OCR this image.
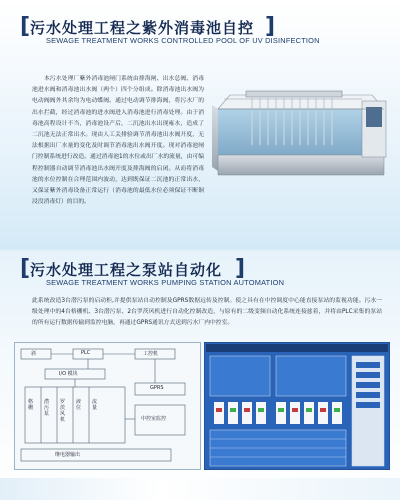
[ 污水处理工程之紫外消毒池自控 ]
SEWAGE TREATMENT WORKS CONTROLLED POOL OF UV DISINFECTION
本污水处理厂紫外消毒池闸门系统由排海闸、出水总阀、消毒池进水阀和消毒池出水阀（两个）四个分组成。除消毒池出水阀为电动阀阀外其余均为电动蝶阀。通过电动调节排海阀，将污水厂的出水拦截，经过消毒池的进水阀进入消毒池进行消毒处理。由于消毒池高程设计不当，消毒池设产后，二沉池出水出现雍水，造成了二沉池无法正常出水。现由人工关排验调节消毒池出水阀开度，无法根据出厂水量的变化及时调节消毒池出水阀开度。现对消毒池闸门控制系统进行改造。通过消毒池1的水位或出厂水的流量，由可编程控制器自动调节消毒池出水阀开度及排海阀的启闭。从而将消毒池的水位控制在合理范围内波动，达到既保证二沉池的正常出水，又保证紫外消毒设备正常运行（消毒池的最低水位必须保证不断铜浸没消毒灯）的目的。
[ 污水处理工程之泵站自动化 ]
SEWAGE TREATMENT WORKS PUMPING STATION AUTOMATION
此系统改造3台潜污泵的启动柜,并提供泵站自动控制及GPRS数据远传及控制。使之具有在中控调度中心能直接泵站的监视功能。污水一级处理中的4台格栅机、3台潜污泵、2台罗茨风机进行自动化控制改造，与原有的二级变频自动化系统连接慈着，并将由PLC采集的泵站的所有运行数据传输到监控电脑，再通过GPRS通讯方式送到污水厂内中控室。
斜	PLC	工控机
I/O 模块
GPRS
中控室监控
格栅
潜污泵
罗茨风机
液位
流量
继电器输出
